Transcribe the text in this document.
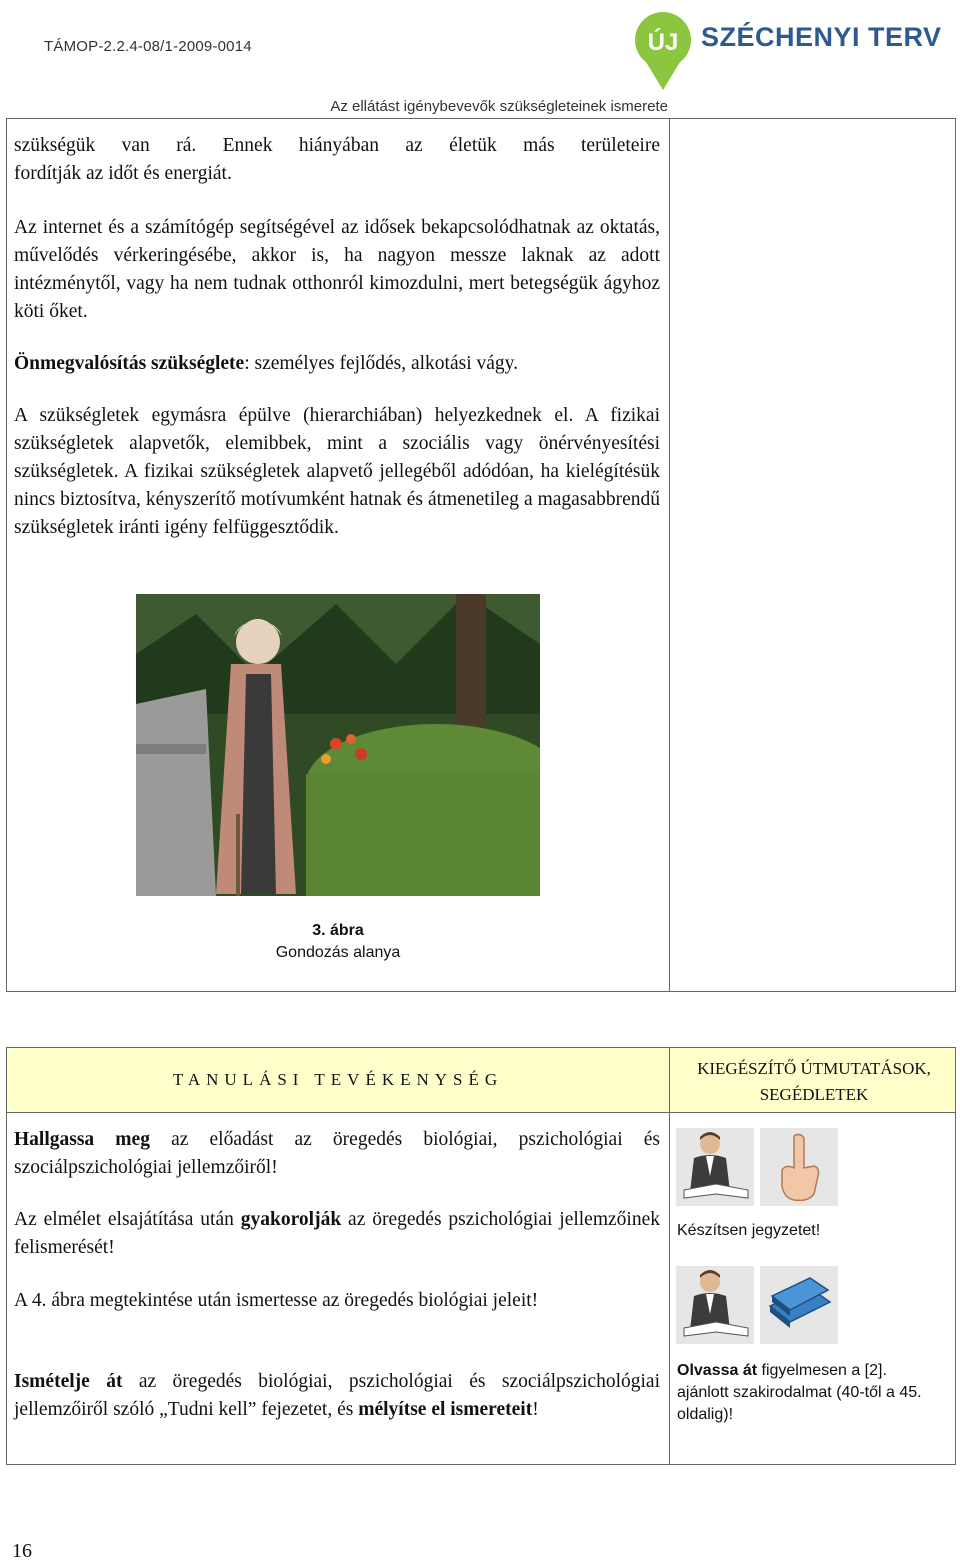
TÁMOP-2.2.4-08/1-2009-0014	ÚJ SZÉCHENYI TERV
Az ellátást igénybevevők szükségleteinek ismerete
szükségük van rá. Ennek hiányában az életük más területeire
fordítják az időt és energiát.
Az internet és a számítógép segítségével az idősek bekapcsolódhatnak az oktatás, művelődés vérkeringésébe, akkor is, ha nagyon messze laknak az adott intézménytől, vagy ha nem tudnak otthonról kimozdulni, mert betegségük ágyhoz köti őket.
Önmegvalósítás szükséglete: személyes fejlődés, alkotási vágy.
A szükségletek egymásra épülve (hierarchiában) helyezkednek el. A fizikai szükségletek alapvetők, elemibbek, mint a szociális vagy önérvényesítési szükségletek. A fizikai szükségletek alapvető jellegéből adódóan, ha kielégítésük nincs biztosítva, kényszerítő motívumként hatnak és átmenetileg a magasabbrendű szükségletek iránti igény felfüggesztődik.
3. ábra
Gondozás alanya
TANULÁSI TEVÉKENYSÉG
KIEGÉSZÍTŐ ÚTMUTATÁSOK, SEGÉDLETEK
Hallgassa meg az előadást az öregedés biológiai, pszichológiai és szociálpszichológiai jellemzőiről!
Az elmélet elsajátítása után gyakorolják az öregedés pszichológiai jellemzőinek felismerését!
A 4. ábra megtekintése után ismertesse az öregedés biológiai jeleit!
Ismételje át az öregedés biológiai, pszichológiai és szociálpszichológiai jellemzőiről szóló „Tudni kell” fejezetet, és mélyítse el ismereteit!
Készítsen jegyzetet!
Olvassa át figyelmesen a [2]. ajánlott szakirodalmat (40-től a 45. oldalig)!
16
